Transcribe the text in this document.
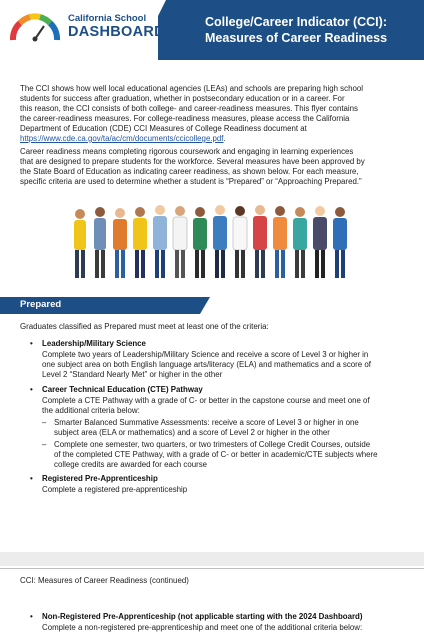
California School
DASHBOARD
College/Career Indicator (CCI):
Measures of Career Readiness
The CCI shows how well local educational agencies (LEAs) and schools are preparing high school
students for success after graduation, whether in postsecondary education or in a career. For
this reason, the CCI consists of both college- and career-readiness measures. This flyer contains
the career-readiness measures. For college-readiness measures, please access the California
Department of Education (CDE) CCI Measures of College Readiness document at
https://www.cde.ca.gov/ta/ac/cm/documents/ccicollege.pdf.
Career readiness means completing rigorous coursework and engaging in learning experiences
that are designed to prepare students for the workforce. Several measures have been approved by
the State Board of Education as indicating career readiness, as shown below. For each measure,
specific criteria are used to determine whether a student is “Prepared” or “Approaching Prepared.”
Prepared
Graduates classified as Prepared must meet at least one of the criteria:
• Leadership/Military Science
Complete two years of Leadership/Military Science and receive a score of Level 3 or higher in
one subject area on both English language arts/literacy (ELA) and mathematics and a score of
Level 2 “Standard Nearly Met” or higher in the other
• Career Technical Education (CTE) Pathway
Complete a CTE Pathway with a grade of C- or better in the capstone course and meet one of
the additional criteria below:
– Smarter Balanced Summative Assessments: receive a score of Level 3 or higher in one
subject area (ELA or mathematics) and a score of Level 2 or higher in the other
– Complete one semester, two quarters, or two trimesters of College Credit Courses, outside
of the completed CTE Pathway, with a grade of C- or better in academic/CTE subjects where
college credits are awarded for each course
• Registered Pre-Apprenticeship
Complete a registered pre-apprenticeship
CCI: Measures of Career Readiness (continued)
• Non-Registered Pre-Apprenticeship (not applicable starting with the 2024 Dashboard)
Complete a non-registered pre-apprenticeship and meet one of the additional criteria below:
